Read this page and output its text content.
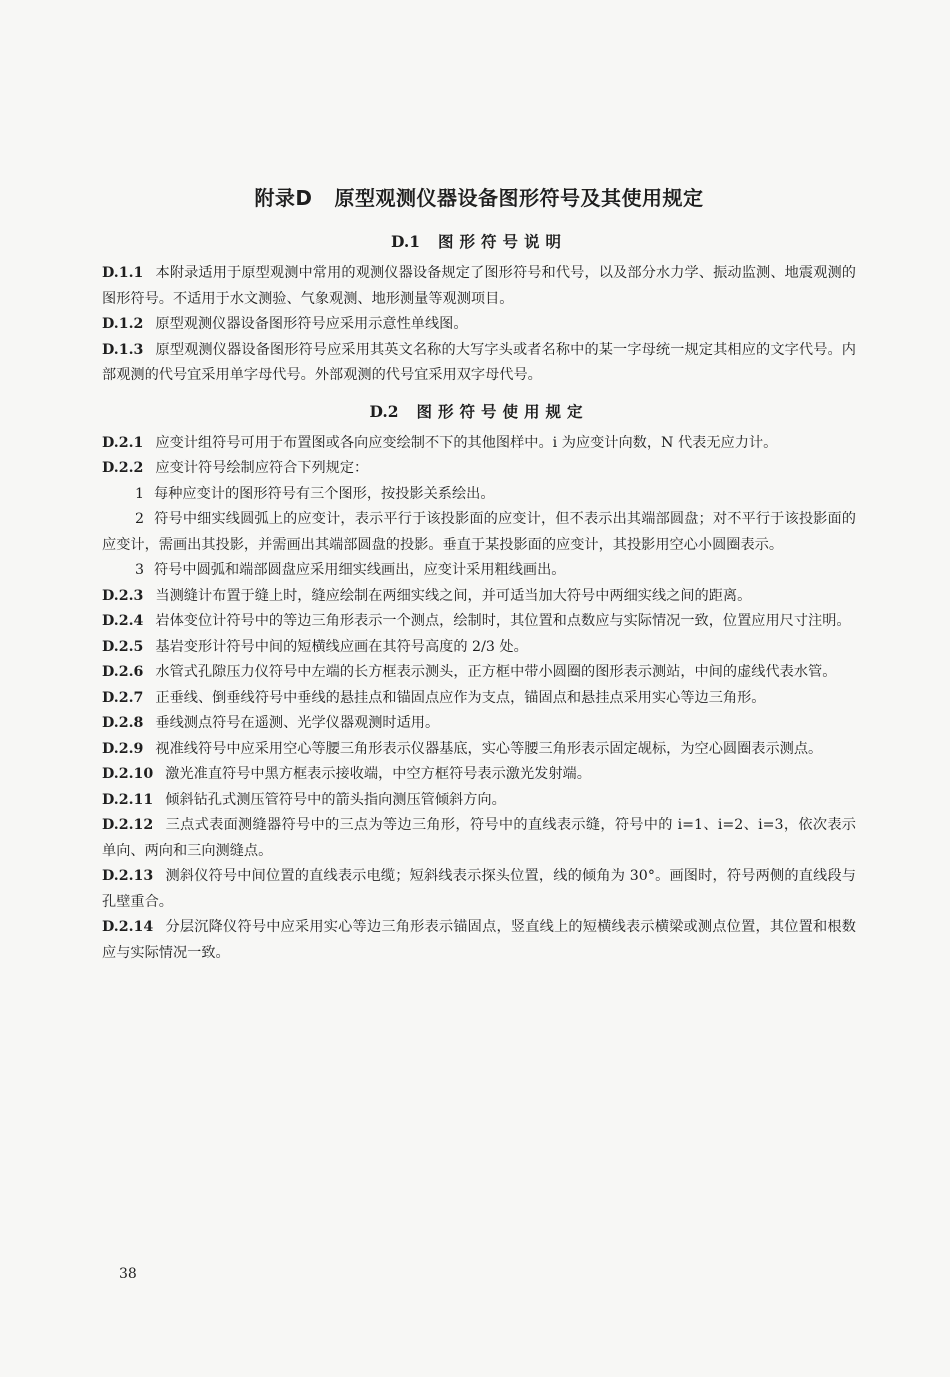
附录D 原型观测仪器设备图形符号及其使用规定
D.1 图形符号说明

D.1.1 本附录适用于原型观测中常用的观测仪器设备规定了图形符号和代号，以及部分水力学、振动监测、地震观测的图形符号。不适用于水文测验、气象观测、地形测量等观测项目。

D.1.2 原型观测仪器设备图形符号应采用示意性单线图。

D.1.3 原型观测仪器设备图形符号应采用其英文名称的大写字头或者名称中的某一字母统一规定其相应的文字代号。内部观测的代号宜采用单字母代号。外部观测的代号宜采用双字母代号。

D.2 图形符号使用规定

D.2.1 应变计组符号可用于布置图或各向应变绘制不下的其他图样中。i 为应变计向数，N 代表无应力计。

D.2.2 应变计符号绘制应符合下列规定：

1 每种应变计的图形符号有三个图形，按投影关系绘出。

2 符号中细实线圆弧上的应变计，表示平行于该投影面的应变计，但不表示出其端部圆盘；对不平行于该投影面的应变计，需画出其投影，并需画出其端部圆盘的投影。垂直于某投影面的应变计，其投影用空心小圆圈表示。

3 符号中圆弧和端部圆盘应采用细实线画出，应变计采用粗线画出。

D.2.3 当测缝计布置于缝上时，缝应绘制在两细实线之间，并可适当加大符号中两细实线之间的距离。

D.2.4 岩体变位计符号中的等边三角形表示一个测点，绘制时，其位置和点数应与实际情况一致，位置应用尺寸注明。

D.2.5 基岩变形计符号中间的短横线应画在其符号高度的 2/3 处。

D.2.6 水管式孔隙压力仪符号中左端的长方框表示测头，正方框中带小圆圈的图形表示测站，中间的虚线代表水管。

D.2.7 正垂线、倒垂线符号中垂线的悬挂点和锚固点应作为支点，锚固点和悬挂点采用实心等边三角形。

D.2.8 垂线测点符号在遥测、光学仪器观测时适用。

D.2.9 视准线符号中应采用空心等腰三角形表示仪器基底，实心等腰三角形表示固定觇标，为空心圆圈表示测点。

D.2.10 激光准直符号中黑方框表示接收端，中空方框符号表示激光发射端。

D.2.11 倾斜钻孔式测压管符号中的箭头指向测压管倾斜方向。

D.2.12 三点式表面测缝器符号中的三点为等边三角形，符号中的直线表示缝，符号中的 i=1、i=2、i=3，依次表示单向、两向和三向测缝点。

D.2.13 测斜仪符号中间位置的直线表示电缆；短斜线表示探头位置，线的倾角为 30°。画图时，符号两侧的直线段与孔壁重合。

D.2.14 分层沉降仪符号中应采用实心等边三角形表示锚固点，竖直线上的短横线表示横梁或测点位置，其位置和根数应与实际情况一致。

38
